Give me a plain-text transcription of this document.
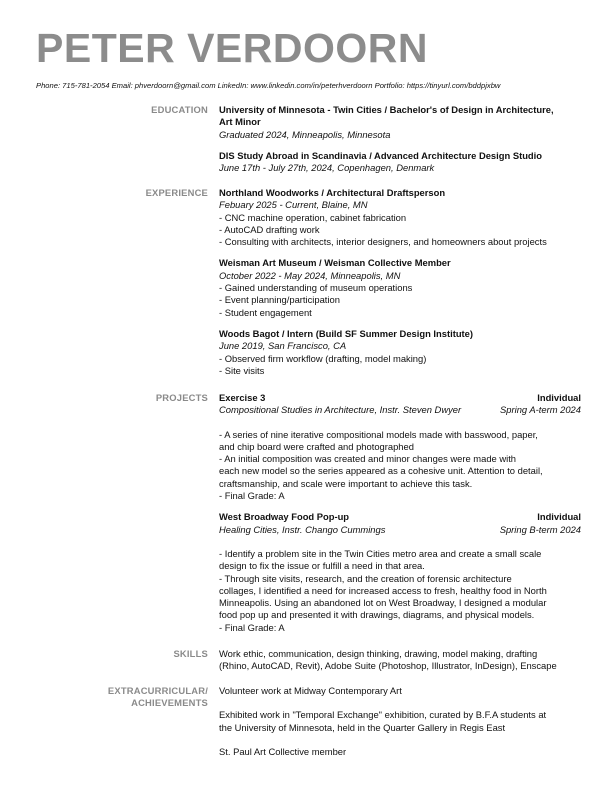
PETER VERDOORN
Phone: 715-781-2054 Email: phverdoorn@gmail.com LinkedIn: www.linkedin.com/in/peterhverdoorn Portfolio: https://tinyurl.com/bddpjxbw
EDUCATION University of Minnesota - Twin Cities / Bachelor's of Design in Architecture,

Art Minor

Graduated 2024, Minneapolis, Minnesota

DIS Study Abroad in Scandinavia / Advanced Architecture Design Studio

June 17th - July 27th, 2024, Copenhagen, Denmark

EXPERIENCE Northland Woodworks / Architectural Draftsperson

Febuary 2025 - Current, Blaine, MN

- CNC machine operation, cabinet fabrication

- AutoCAD drafting work

- Consulting with architects, interior designers, and homeowners about projects

Weisman Art Museum / Weisman Collective Member

October 2022 - May 2024, Minneapolis, MN

- Gained understanding of museum operations

- Event planning/participation

- Student engagement

Woods Bagot / Intern (Build SF Summer Design Institute)

June 2019, San Francisco, CA

- Observed firm workflow (drafting, model making)

- Site visits

PROJECTS Exercise 3	Individual
Compositional Studies in Architecture, Instr. Steven Dwyer	Spring A-term 2024

- A series of nine iterative compositional models made with basswood, paper,

and chip board were crafted and photographed

- An initial composition was created and minor changes were made with

each new model so the series appeared as a cohesive unit. Attention to detail,

craftsmanship, and scale were important to achieve this task.

- Final Grade: A

West Broadway Food Pop-up	Individual
Healing Cities, Instr. Chango Cummings	Spring B-term 2024

- Identify a problem site in the Twin Cities metro area and create a small scale

design to fix the issue or fulfill a need in that area.

- Through site visits, research, and the creation of forensic architecture

collages, I identified a need for increased access to fresh, healthy food in North

Minneapolis. Using an abandoned lot on West Broadway, I designed a modular

food pop up and presented it with drawings, diagrams, and physical models.

- Final Grade: A

SKILLS Work ethic, communication, design thinking, drawing, model making, drafting

(Rhino, AutoCAD, Revit), Adobe Suite (Photoshop, Illustrator, InDesign), Enscape

EXTRACURRICULAR/
ACHIEVEMENTS

Volunteer work at Midway Contemporary Art

Exhibited work in "Temporal Exchange" exhibition, curated by B.F.A students at

the University of Minnesota, held in the Quarter Gallery in Regis East

St. Paul Art Collective member
